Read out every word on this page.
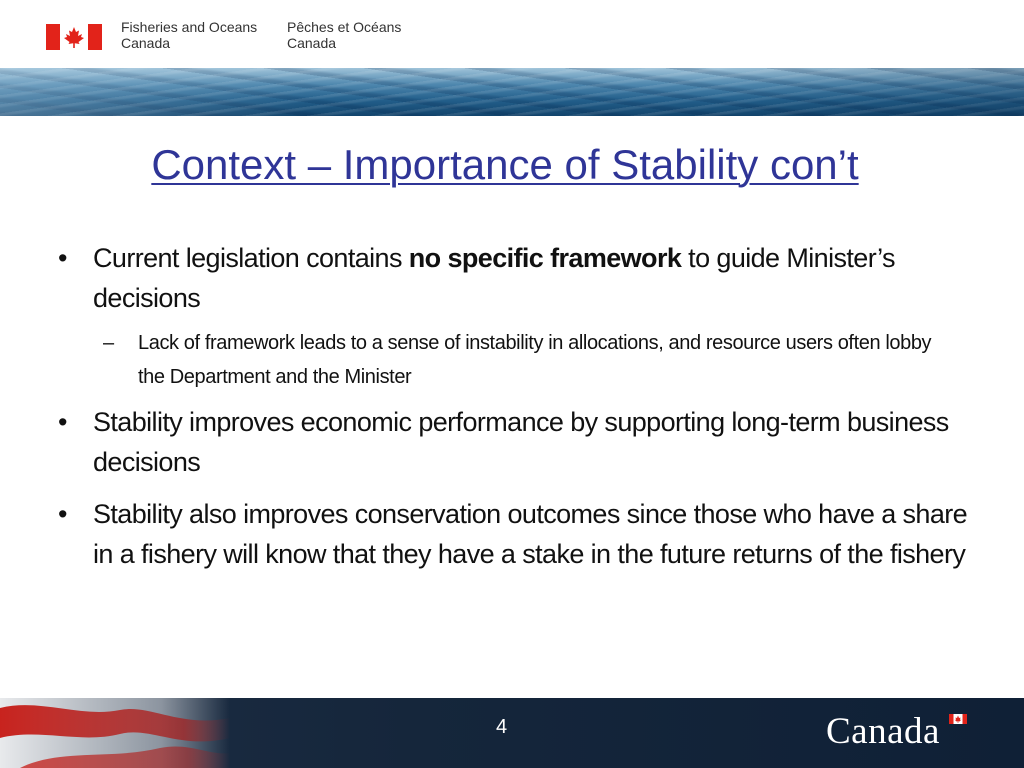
Fisheries and Oceans
Canada
Pêches et Océans
Canada
Context – Importance of Stability con’t
• Current legislation contains no specific framework to guide Minister’s decisions
– Lack of framework leads to a sense of instability in allocations, and resource users often lobby the Department and the Minister
• Stability improves economic performance by supporting long-term business decisions
• Stability also improves conservation outcomes since those who have a share in a fishery will know that they have a stake in the future returns of the fishery
4	Canada
